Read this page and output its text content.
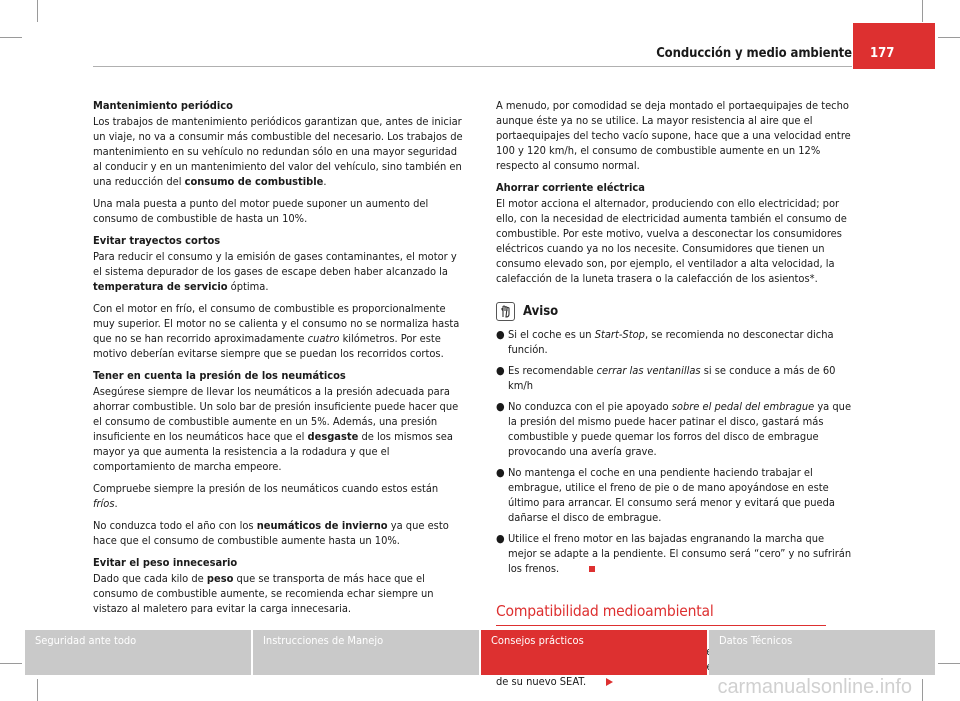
177
Conducción y medio ambiente

Mantenimiento periódico

Los trabajos de mantenimiento periódicos garantizan que, antes de iniciar un viaje, no va a consumir más combustible del necesario. Los trabajos de mantenimiento en su vehículo no redundan sólo en una mayor seguridad al conducir y en un mantenimiento del valor del vehículo, sino también en una reducción del consumo de combustible.

Una mala puesta a punto del motor puede suponer un aumento del consumo de combustible de hasta un 10%.

Evitar trayectos cortos

Para reducir el consumo y la emisión de gases contaminantes, el motor y el sistema depurador de los gases de escape deben haber alcanzado la temperatura de servicio óptima.

Con el motor en frío, el consumo de combustible es proporcionalmente muy superior. El motor no se calienta y el consumo no se normaliza hasta que no se han recorrido aproximadamente cuatro kilómetros. Por este motivo deberían evitarse siempre que se puedan los recorridos cortos.

Tener en cuenta la presión de los neumáticos

Asegúrese siempre de llevar los neumáticos a la presión adecuada para ahorrar combustible. Un solo bar de presión insuficiente puede hacer que el consumo de combustible aumente en un 5%. Además, una presión insuficiente en los neumáticos hace que el desgaste de los mismos sea mayor ya que aumenta la resistencia a la rodadura y que el comportamiento de marcha empeore.

Compruebe siempre la presión de los neumáticos cuando estos están fríos.

No conduzca todo el año con los neumáticos de invierno ya que esto hace que el consumo de combustible aumente hasta un 10%.

Evitar el peso innecesario

Dado que cada kilo de peso que se transporta de más hace que el consumo de combustible aumente, se recomienda echar siempre un vistazo al maletero para evitar la carga innecesaria.

A menudo, por comodidad se deja montado el portaequipajes de techo aunque éste ya no se utilice. La mayor resistencia al aire que el portaequipajes del techo vacío supone, hace que a una velocidad entre 100 y 120 km/h, el consumo de combustible aumente en un 12% respecto al consumo normal.

Ahorrar corriente eléctrica

El motor acciona el alternador, produciendo con ello electricidad; por ello, con la necesidad de electricidad aumenta también el consumo de combustible. Por este motivo, vuelva a desconectar los consumidores eléctricos cuando ya no los necesite. Consumidores que tienen un consumo elevado son, por ejemplo, el ventilador a alta velocidad, la calefacción de la luneta trasera o la calefacción de los asientos*.

Aviso
● Si el coche es un Start-Stop, se recomienda no desconectar dicha función.
● Es recomendable cerrar las ventanillas si se conduce a más de 60 km/h
● No conduzca con el pie apoyado sobre el pedal del embrague ya que la presión del mismo puede hacer patinar el disco, gastará más combustible y puede quemar los forros del disco de embrague provocando una avería grave.
● No mantenga el coche en una pendiente haciendo trabajar el embrague, utilice el freno de pie o de mano apoyándose en este último para arrancar. El consumo será menor y evitará que pueda dañarse el disco de embrague.
● Utilice el freno motor en las bajadas engranando la marcha que mejor se adapte a la pendiente. El consumo será “cero” y no sufrirán los frenos.
Compatibilidad medioambiental

de su nuevo SEAT.

Seguridad ante todo	Instrucciones de Manejo	Consejos prácticos	Datos Técnicos
carmanualsonline.info
